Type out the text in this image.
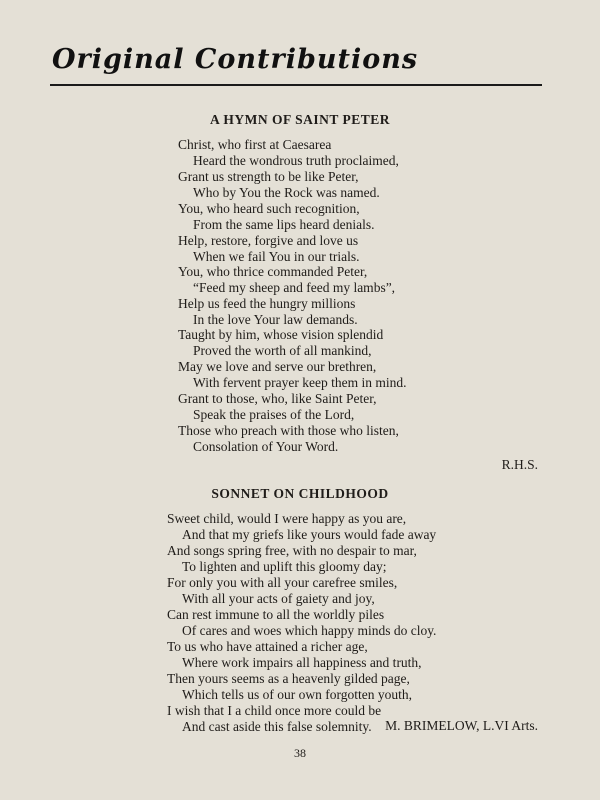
Original Contributions
A HYMN OF SAINT PETER
Christ, who first at Caesarea
Heard the wondrous truth proclaimed,
Grant us strength to be like Peter,
Who by You the Rock was named.
You, who heard such recognition,
From the same lips heard denials.
Help, restore, forgive and love us
When we fail You in our trials.
You, who thrice commanded Peter,
“Feed my sheep and feed my lambs”,
Help us feed the hungry millions
In the love Your law demands.
Taught by him, whose vision splendid
Proved the worth of all mankind,
May we love and serve our brethren,
With fervent prayer keep them in mind.
Grant to those, who, like Saint Peter,
Speak the praises of the Lord,
Those who preach with those who listen,
Consolation of Your Word.
R.H.S.
SONNET ON CHILDHOOD
Sweet child, would I were happy as you are,
And that my griefs like yours would fade away
And songs spring free, with no despair to mar,
To lighten and uplift this gloomy day;
For only you with all your carefree smiles,
With all your acts of gaiety and joy,
Can rest immune to all the worldly piles
Of cares and woes which happy minds do cloy.
To us who have attained a richer age,
Where work impairs all happiness and truth,
Then yours seems as a heavenly gilded page,
Which tells us of our own forgotten youth,
I wish that I a child once more could be
And cast aside this false solemnity.	M. BRIMELOW, L.VI Arts.
38
